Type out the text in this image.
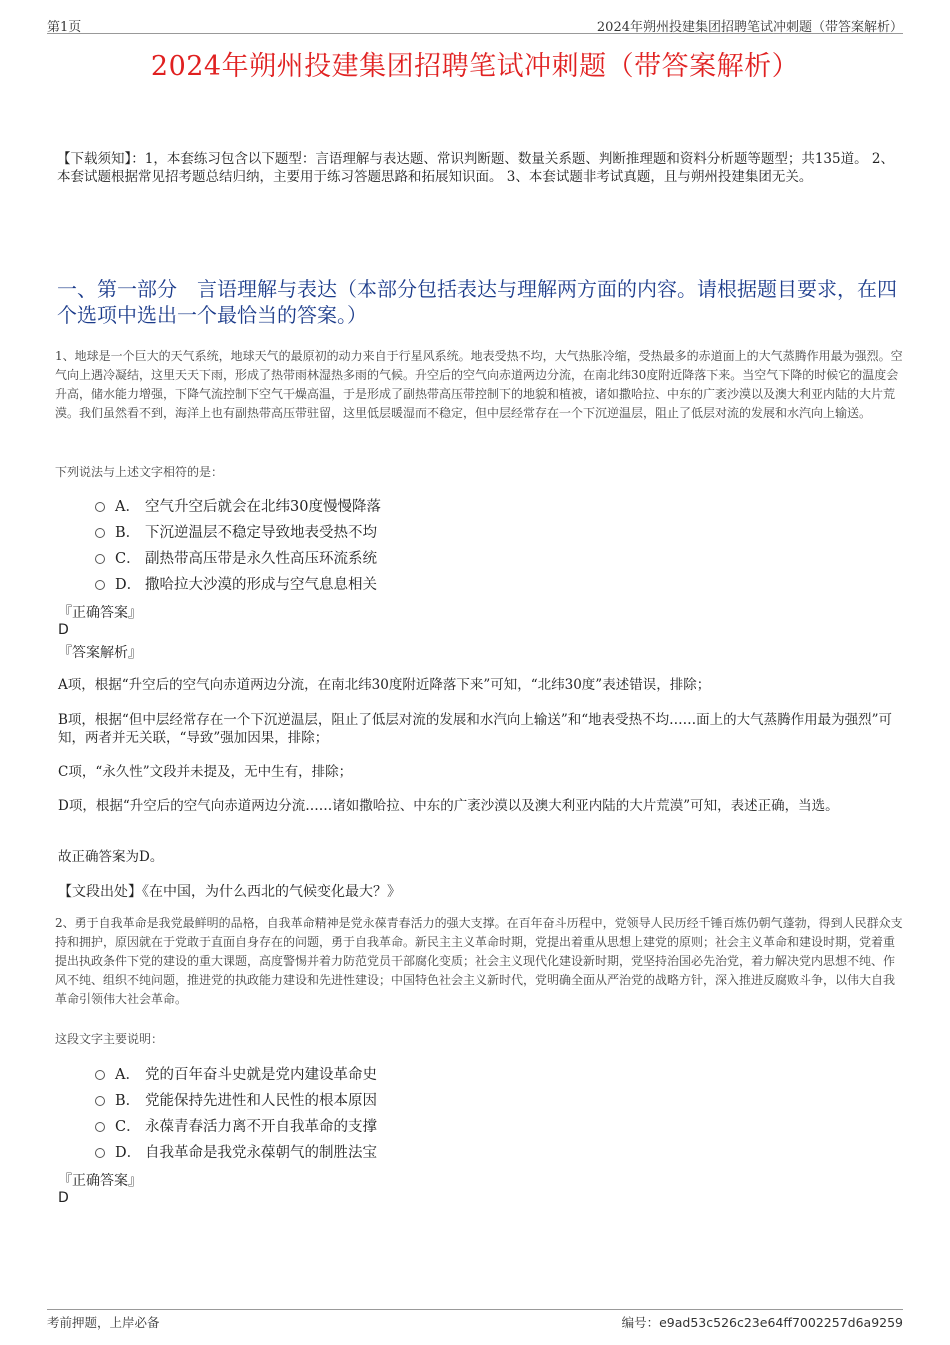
第1页	2024年朔州投建集团招聘笔试冲刺题（带答案解析）
2024年朔州投建集团招聘笔试冲刺题（带答案解析）
【下载须知】：1，本套练习包含以下题型：言语理解与表达题、常识判断题、数量关系题、判断推理题和资料分析题等题型；共135道。 2、本套试题根据常见招考题总结归纳，主要用于练习答题思路和拓展知识面。 3、本套试题非考试真题，且与朔州投建集团无关。
一、第一部分　言语理解与表达（本部分包括表达与理解两方面的内容。请根据题目要求，在四个选项中选出一个最恰当的答案。）
1、地球是一个巨大的天气系统，地球天气的最原初的动力来自于行星风系统。地表受热不均，大气热胀冷缩，受热最多的赤道面上的大气蒸腾作用最为强烈。空气向上遇冷凝结，这里天天下雨，形成了热带雨林湿热多雨的气候。升空后的空气向赤道两边分流，在南北纬30度附近降落下来。当空气下降的时候它的温度会升高，储水能力增强，下降气流控制下空气干燥高温，于是形成了副热带高压带控制下的地貌和植被，诸如撒哈拉、中东的广袤沙漠以及澳大利亚内陆的大片荒漠。我们虽然看不到，海洋上也有副热带高压带驻留，这里低层暖湿而不稳定，但中层经常存在一个下沉逆温层，阻止了低层对流的发展和水汽向上输送。
下列说法与上述文字相符的是：
A． 空气升空后就会在北纬30度慢慢降落
B． 下沉逆温层不稳定导致地表受热不均
C． 副热带高压带是永久性高压环流系统
D． 撒哈拉大沙漠的形成与空气息息相关
『正确答案』
D
『答案解析』
A项，根据“升空后的空气向赤道两边分流，在南北纬30度附近降落下来”可知，“北纬30度”表述错误，排除；
B项，根据“但中层经常存在一个下沉逆温层，阻止了低层对流的发展和水汽向上输送”和“地表受热不均……面上的大气蒸腾作用最为强烈”可知，两者并无关联，“导致”强加因果，排除；
C项，“永久性”文段并未提及，无中生有，排除；
D项，根据“升空后的空气向赤道两边分流……诸如撒哈拉、中东的广袤沙漠以及澳大利亚内陆的大片荒漠”可知，表述正确，当选。
故正确答案为D。
【文段出处】《在中国，为什么西北的气候变化最大？》
2、勇于自我革命是我党最鲜明的品格，自我革命精神是党永葆青春活力的强大支撑。在百年奋斗历程中，党领导人民历经千锤百炼仍朝气蓬勃，得到人民群众支持和拥护，原因就在于党敢于直面自身存在的问题，勇于自我革命。新民主主义革命时期，党提出着重从思想上建党的原则；社会主义革命和建设时期，党着重提出执政条件下党的建设的重大课题，高度警惕并着力防范党员干部腐化变质；社会主义现代化建设新时期，党坚持治国必先治党，着力解决党内思想不纯、作风不纯、组织不纯问题，推进党的执政能力建设和先进性建设；中国特色社会主义新时代，党明确全面从严治党的战略方针，深入推进反腐败斗争，以伟大自我革命引领伟大社会革命。
这段文字主要说明：
A． 党的百年奋斗史就是党内建设革命史
B． 党能保持先进性和人民性的根本原因
C． 永葆青春活力离不开自我革命的支撑
D． 自我革命是我党永葆朝气的制胜法宝
『正确答案』
D
考前押题，上岸必备	编号：e9ad53c526c23e64ff7002257d6a9259
